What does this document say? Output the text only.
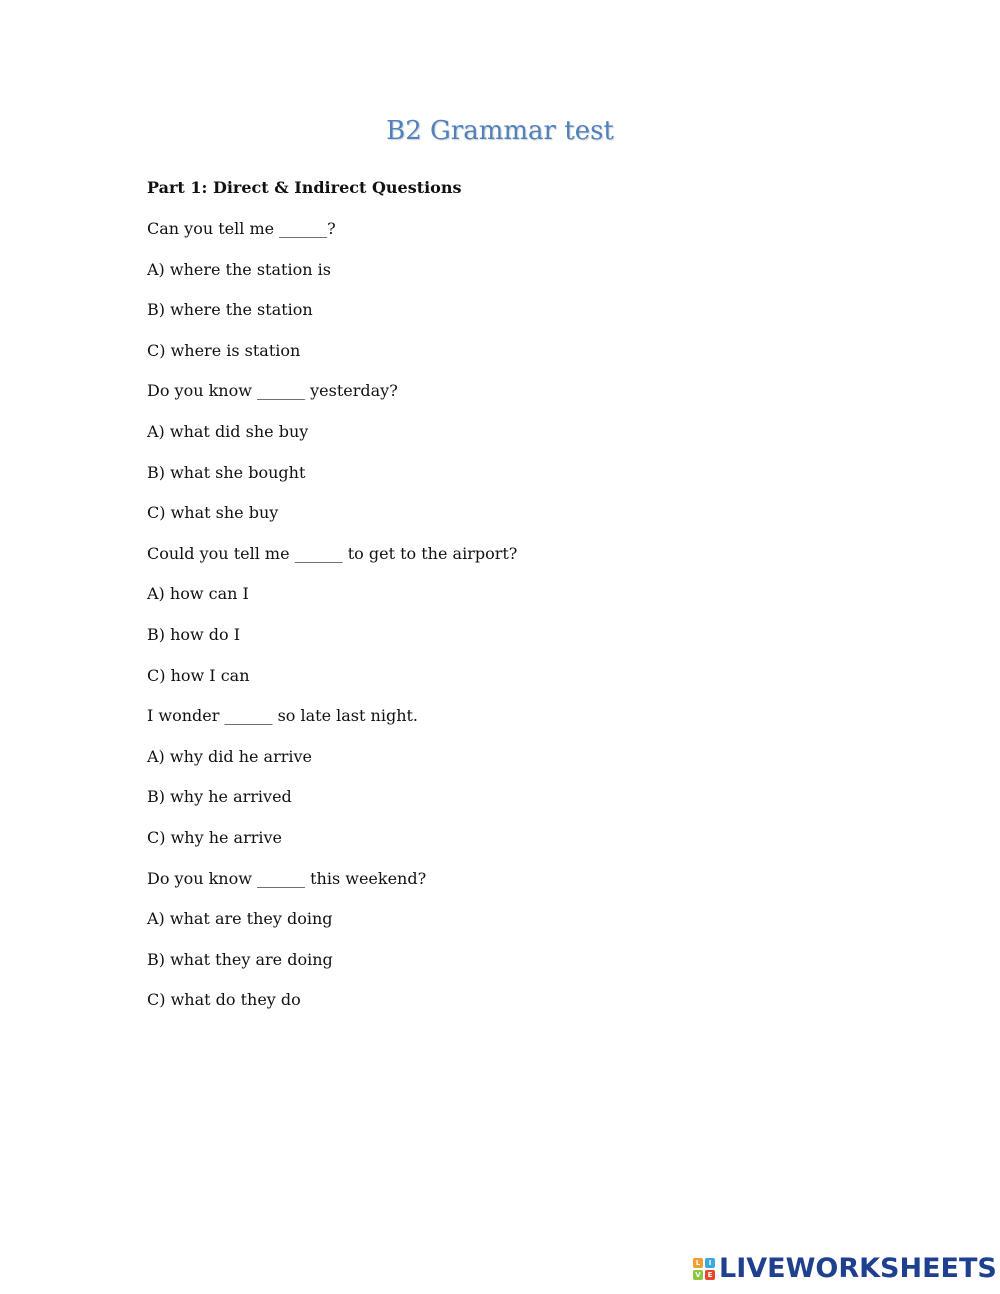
B2 Grammar test
Part 1: Direct & Indirect Questions
Can you tell me ______?
A) where the station is
B) where the station
C) where is station
Do you know ______ yesterday?
A) what did she buy
B) what she bought
C) what she buy
Could you tell me ______ to get to the airport?
A) how can I
B) how do I
C) how I can
I wonder ______ so late last night.
A) why did he arrive
B) why he arrived
C) why he arrive
Do you know ______ this weekend?
A) what are they doing
B) what they are doing
C) what do they do
L	I
V E LIVEWORKSHEETS
